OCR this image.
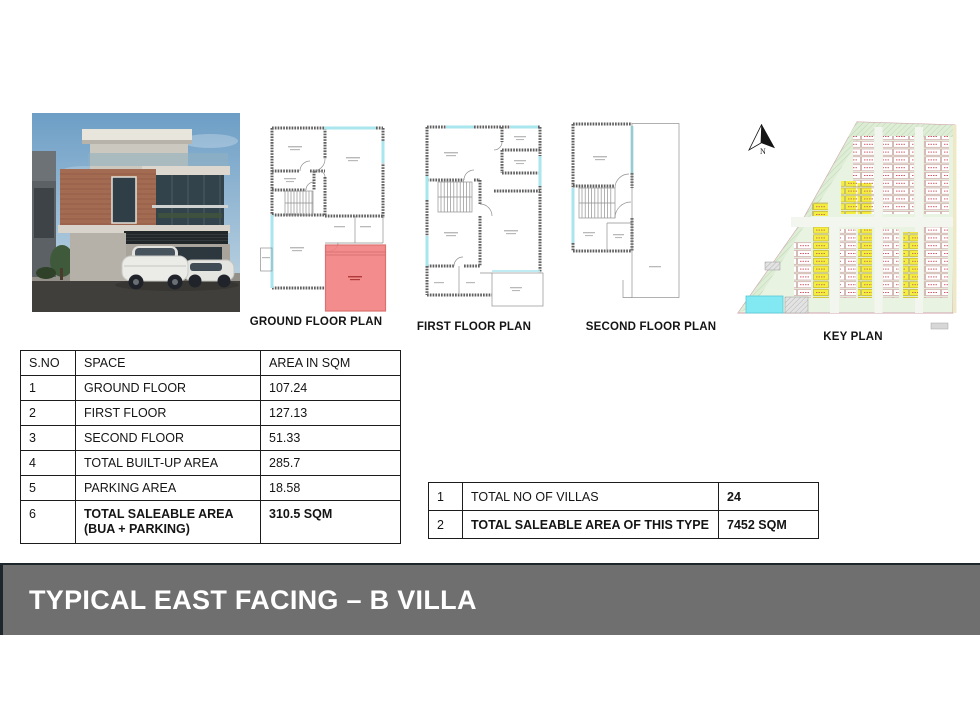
GROUND FLOOR PLAN	FIRST FLOOR PLAN	SECOND FLOOR PLAN
N
KEY PLAN
S.NO	SPACE	AREA IN SQM
1	GROUND FLOOR	107.24
2	FIRST FLOOR	127.13
3	SECOND FLOOR	51.33
4	TOTAL BUILT-UP AREA	285.7
5	PARKING AREA	18.58
6	TOTAL SALEABLE AREA (BUA + PARKING)	310.5 SQM
1	TOTAL NO OF VILLAS	24
2	TOTAL SALEABLE AREA OF THIS TYPE	7452 SQM
TYPICAL EAST FACING – B VILLA
